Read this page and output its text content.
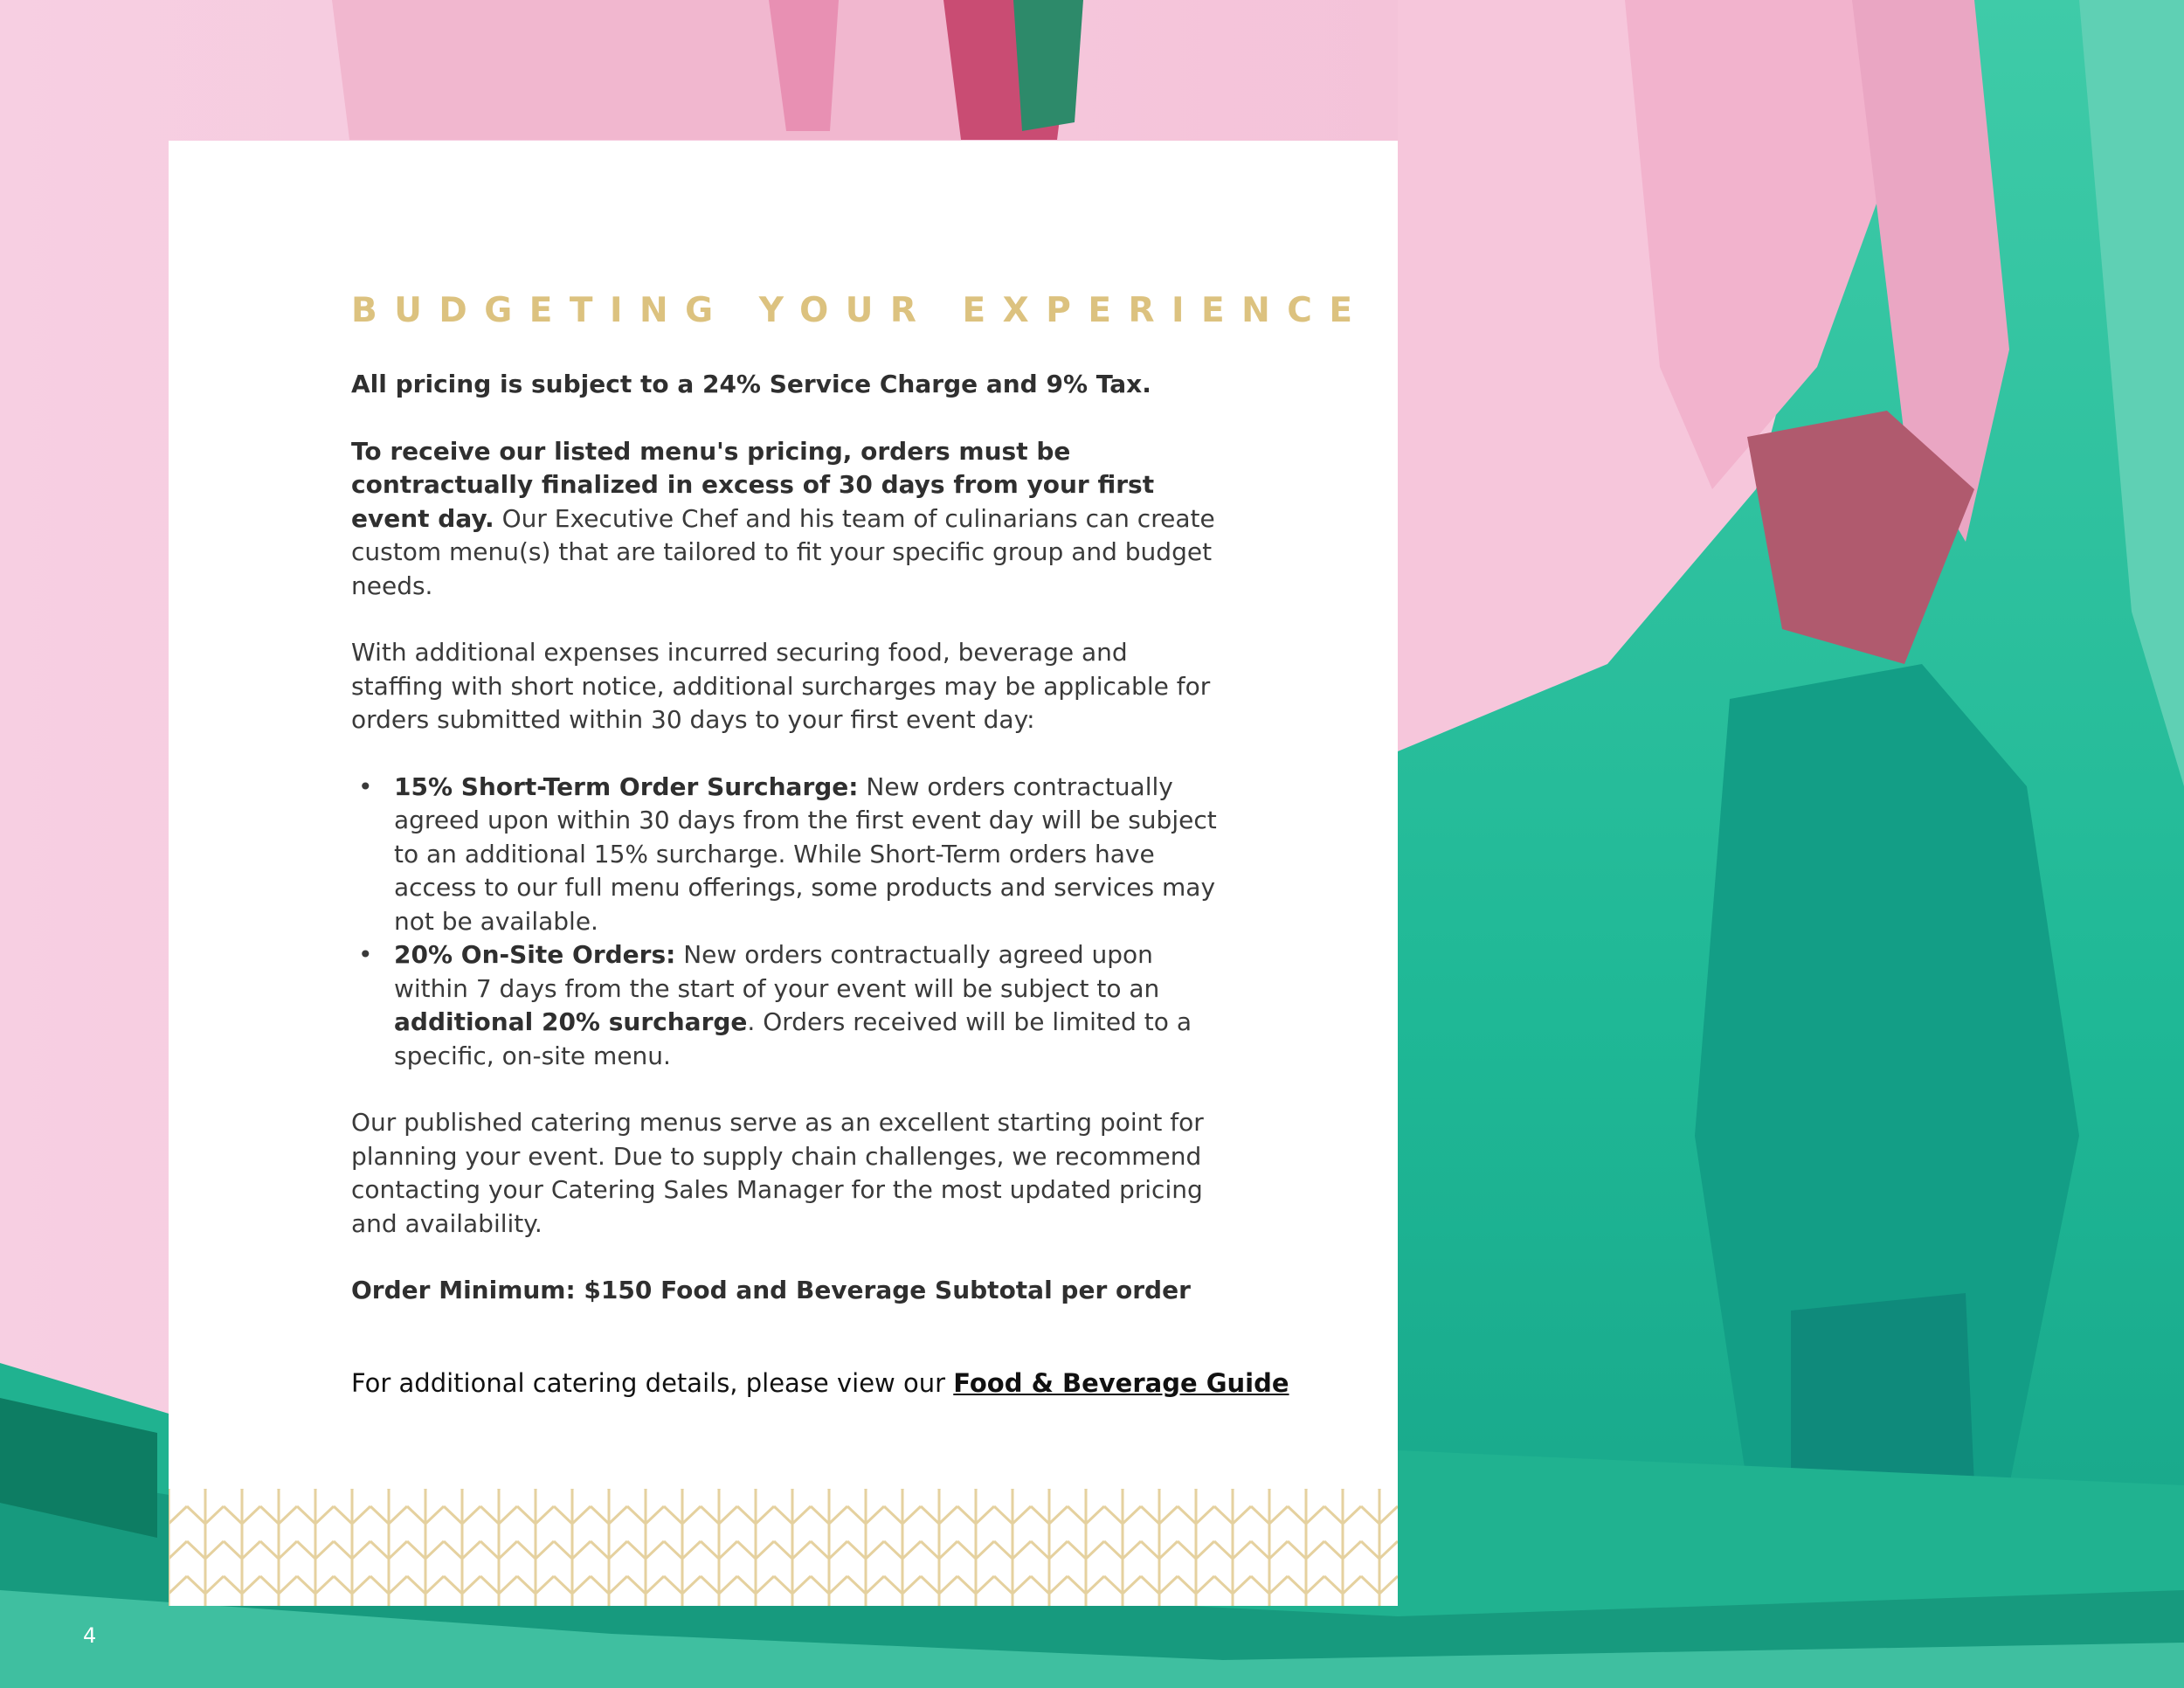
BUDGETING YOUR EXPERIENCE

All pricing is subject to a 24% Service Charge and 9% Tax.

To receive our listed menu's pricing, orders must be contractually finalized in excess of 30 days from your first event day. Our Executive Chef and his team of culinarians can create custom menu(s) that are tailored to fit your specific group and budget needs.

With additional expenses incurred securing food, beverage and staffing with short notice, additional surcharges may be applicable for orders submitted within 30 days to your first event day:

• 15% Short-Term Order Surcharge: New orders contractually agreed upon within 30 days from the first event day will be subject to an additional 15% surcharge. While Short-Term orders have access to our full menu offerings, some products and services may not be available.
• 20% On-Site Orders: New orders contractually agreed upon within 7 days from the start of your event will be subject to an additional 20% surcharge. Orders received will be limited to a specific, on-site menu.

Our published catering menus serve as an excellent starting point for planning your event. Due to supply chain challenges, we recommend contacting your Catering Sales Manager for the most updated pricing and availability.

Order Minimum: $150 Food and Beverage Subtotal per order

For additional catering details, please view our Food & Beverage Guide
4
